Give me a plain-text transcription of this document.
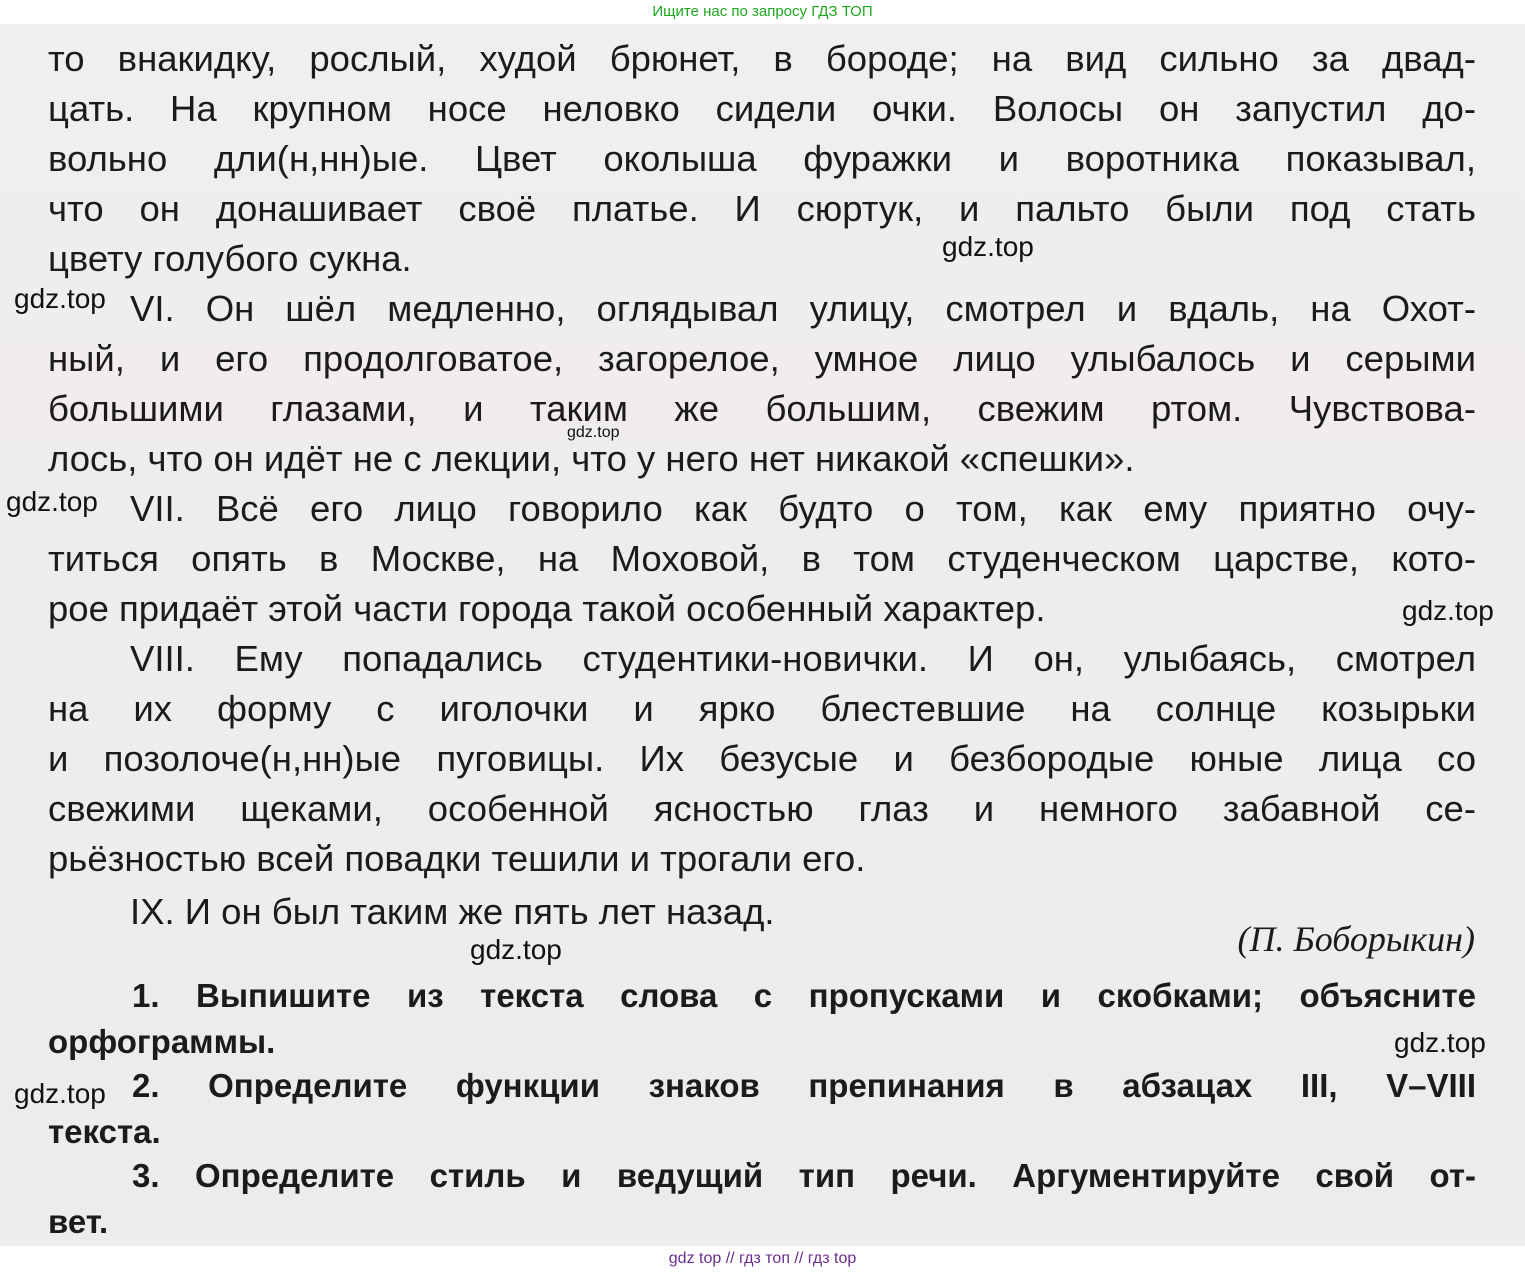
Ищите нас по запросу ГДЗ ТОП
то внакидку, рослый, худой брюнет, в бороде; на вид сильно за двад-
цать. На крупном носе неловко сидели очки. Волосы он запустил до-
вольно дли(н,нн)ые. Цвет околыша фуражки и воротника показывал,
что он донашивает своё платье. И сюртук, и пальто были под стать
цвету голубого сукна.
VI. Он шёл медленно, оглядывал улицу, смотрел и вдаль, на Охот-
ный, и его продолговатое, загорелое, умное лицо улыбалось и серыми
большими глазами, и таким же большим, свежим ртом. Чувствова-
лось, что он идёт не с лекции, что у него нет никакой «спешки».
VII. Всё его лицо говорило как будто о том, как ему приятно очу-
титься опять в Москве, на Моховой, в том студенческом царстве, кото-
рое придаёт этой части города такой особенный характер.
VIII. Ему попадались студентики-новички. И он, улыбаясь, смотрел
на их форму с иголочки и ярко блестевшие на солнце козырьки
и позолоче(н,нн)ые пуговицы. Их безусые и безбородые юные лица со
свежими щеками, особенной ясностью глаз и немного забавной се-
рьёзностью всей повадки тешили и трогали его.
IX. И он был таким же пять лет назад.
(П. Боборыкин)
1. Выпишите из текста слова с пропусками и скобками; объясните
орфограммы.
2. Определите функции знаков препинания в абзацах III, V–VIII
текста.
3. Определите стиль и ведущий тип речи. Аргументируйте свой от-
вет.
gdz.top
gdz.top
gdz.top
gdz.top
gdz.top
gdz.top
gdz.top
gdz.top
gdz top // гдз топ // гдз top
